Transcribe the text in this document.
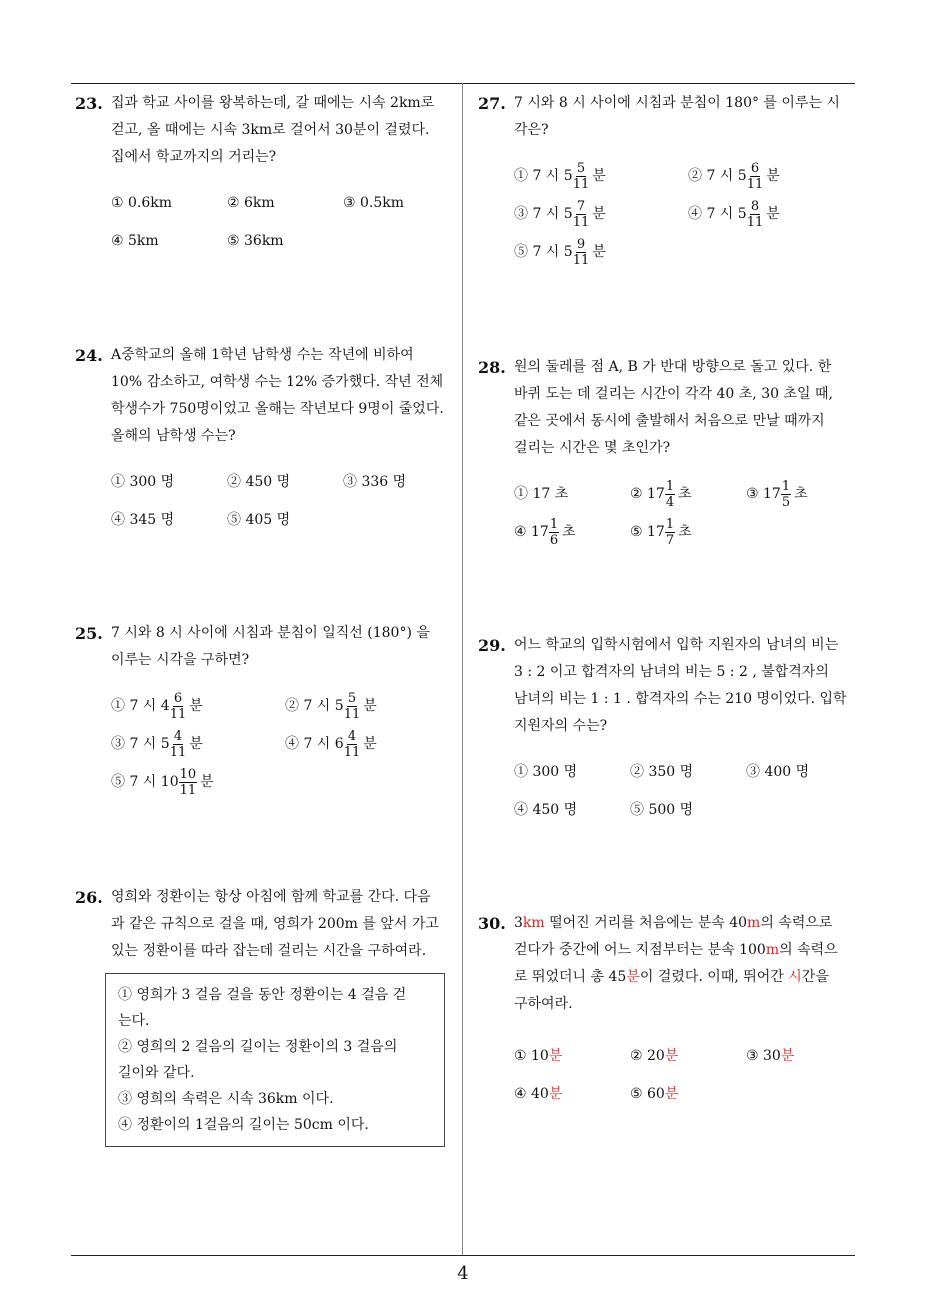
23. 집과 학교 사이를 왕복하는데, 갈 때에는 시속 2km로
걷고, 올 때에는 시속 3km로 걸어서 30분이 걸렸다.
집에서 학교까지의 거리는?
① 0.6km	② 6km	③ 0.5km
④ 5km	⑤ 36km
24. A중학교의 올해 1학년 남학생 수는 작년에 비하여
10% 감소하고, 여학생 수는 12% 증가했다. 작년 전체
학생수가 750명이었고 올해는 작년보다 9명이 줄었다.
올해의 남학생 수는?
① 300 명	② 450 명	③ 336 명
④ 345 명	⑤ 405 명
25. 7 시와 8 시 사이에 시침과 분침이 일직선 (180°) 을
이루는 시각을 구하면?
① 7 시 $4 \frac{6}{11}$ 분	② 7 시 $5 \frac{5}{11}$ 분
③ 7 시 $5 \frac{4}{11}$ 분	④ 7 시 $6 \frac{4}{11}$ 분
⑤ 7 시 $10 \frac{10}{11}$ 분
26. 영희와 정환이는 항상 아침에 함께 학교를 간다. 다음
과 같은 규칙으로 걸을 때, 영희가 200m 를 앞서 가고
있는 정환이를 따라 잡는데 걸리는 시간을 구하여라.
① 영희가 3 걸음 걸을 동안 정환이는 4 걸음 걷
는다.
② 영희의 2 걸음의 길이는 정환이의 3 걸음의
길이와 같다.
③ 영희의 속력은 시속 36km 이다.
④ 정환이의 1걸음의 길이는 50cm 이다.
27. 7 시와 8 시 사이에 시침과 분침이 180° 를 이루는 시
각은?
① 7 시 $5 \frac{5}{11}$ 분	② 7 시 $5 \frac{6}{11}$ 분
③ 7 시 $5 \frac{7}{11}$ 분	④ 7 시 $5 \frac{8}{11}$ 분
⑤ 7 시 $5 \frac{9}{11}$ 분
28. 원의 둘레를 점 A, B 가 반대 방향으로 돌고 있다. 한
바퀴 도는 데 걸리는 시간이 각각 40 초, 30 초일 때,
같은 곳에서 동시에 출발해서 처음으로 만날 때까지
걸리는 시간은 몇 초인가?
① 17 초	② $17 \frac{1}{4}$ 초	③ $17 \frac{1}{5}$ 초
④ $17 \frac{1}{6}$ 초	⑤ $17 \frac{1}{7}$ 초
29. 어느 학교의 입학시험에서 입학 지원자의 남녀의 비는
3 : 2 이고 합격자의 남녀의 비는 5 : 2 , 불합격자의
남녀의 비는 1 : 1 . 합격자의 수는 210 명이었다. 입학
지원자의 수는?
① 300 명	② 350 명	③ 400 명
④ 450 명	⑤ 500 명
30. 3km 떨어진 거리를 처음에는 분속 40m의 속력으로
걷다가 중간에 어느 지점부터는 분속 100m의 속력으
로 뛰었더니 총 45분이 걸렸다. 이때, 뛰어간 시간을
구하여라.
① 10 분	② 20 분	③ 30 분
④ 40 분	⑤ 60 분
4
